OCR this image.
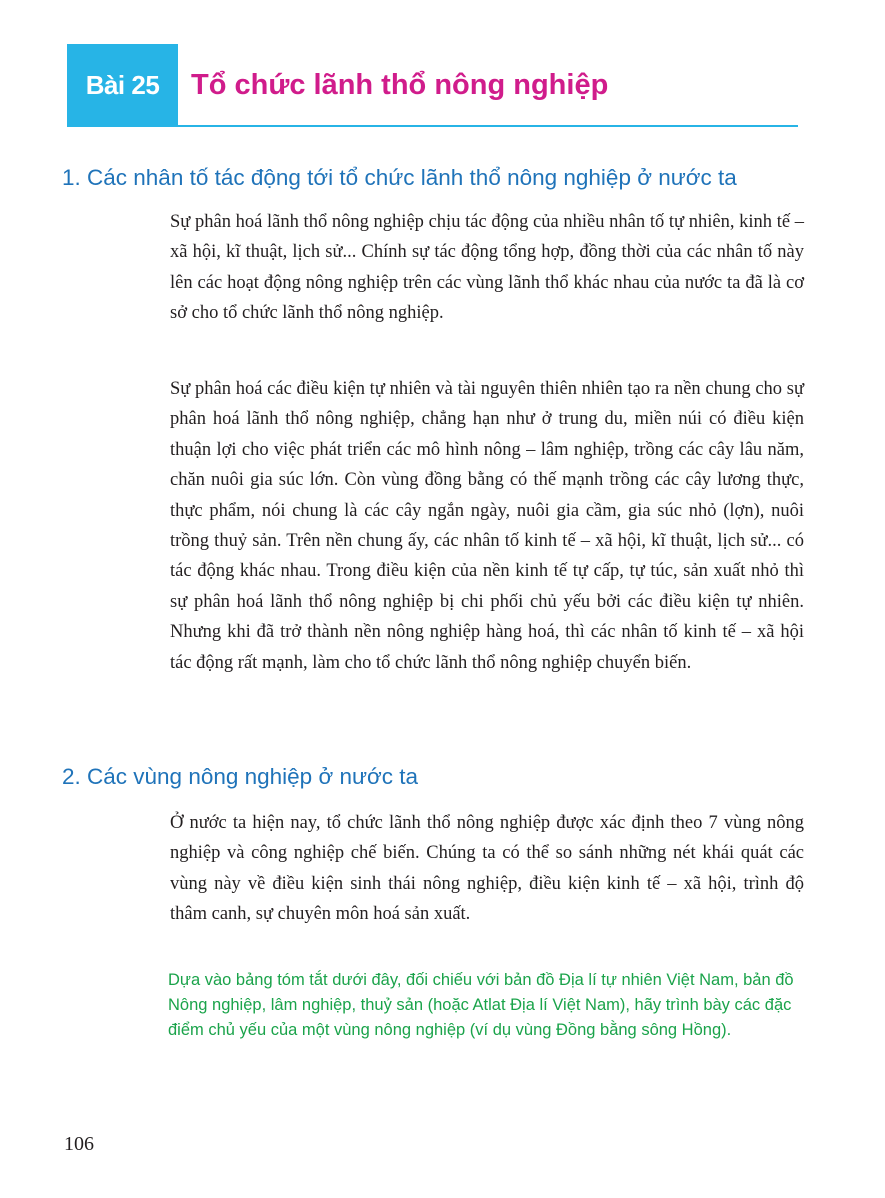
Bài 25	Tổ chức lãnh thổ nông nghiệp
1. Các nhân tố tác động tới tổ chức lãnh thổ nông nghiệp ở nước ta

Sự phân hoá lãnh thổ nông nghiệp chịu tác động của nhiều nhân tố tự nhiên, kinh tế – xã hội, kĩ thuật, lịch sử... Chính sự tác động tổng hợp, đồng thời của các nhân tố này lên các hoạt động nông nghiệp trên các vùng lãnh thổ khác nhau của nước ta đã là cơ sở cho tổ chức lãnh thổ nông nghiệp.

Sự phân hoá các điều kiện tự nhiên và tài nguyên thiên nhiên tạo ra nền chung cho sự phân hoá lãnh thổ nông nghiệp, chẳng hạn như ở trung du, miền núi có điều kiện thuận lợi cho việc phát triển các mô hình nông – lâm nghiệp, trồng các cây lâu năm, chăn nuôi gia súc lớn. Còn vùng đồng bằng có thế mạnh trồng các cây lương thực, thực phẩm, nói chung là các cây ngắn ngày, nuôi gia cầm, gia súc nhỏ (lợn), nuôi trồng thuỷ sản. Trên nền chung ấy, các nhân tố kinh tế – xã hội, kĩ thuật, lịch sử... có tác động khác nhau. Trong điều kiện của nền kinh tế tự cấp, tự túc, sản xuất nhỏ thì sự phân hoá lãnh thổ nông nghiệp bị chi phối chủ yếu bởi các điều kiện tự nhiên. Nhưng khi đã trở thành nền nông nghiệp hàng hoá, thì các nhân tố kinh tế – xã hội tác động rất mạnh, làm cho tổ chức lãnh thổ nông nghiệp chuyển biến.

2. Các vùng nông nghiệp ở nước ta

Ở nước ta hiện nay, tổ chức lãnh thổ nông nghiệp được xác định theo 7 vùng nông nghiệp và công nghiệp chế biến. Chúng ta có thể so sánh những nét khái quát các vùng này về điều kiện sinh thái nông nghiệp, điều kiện kinh tế – xã hội, trình độ thâm canh, sự chuyên môn hoá sản xuất.

Dựa vào bảng tóm tắt dưới đây, đối chiếu với bản đồ Địa lí tự nhiên Việt Nam, bản đồ Nông nghiệp, lâm nghiệp, thuỷ sản (hoặc Atlat Địa lí Việt Nam), hãy trình bày các đặc điểm chủ yếu của một vùng nông nghiệp (ví dụ vùng Đồng bằng sông Hồng).

106
